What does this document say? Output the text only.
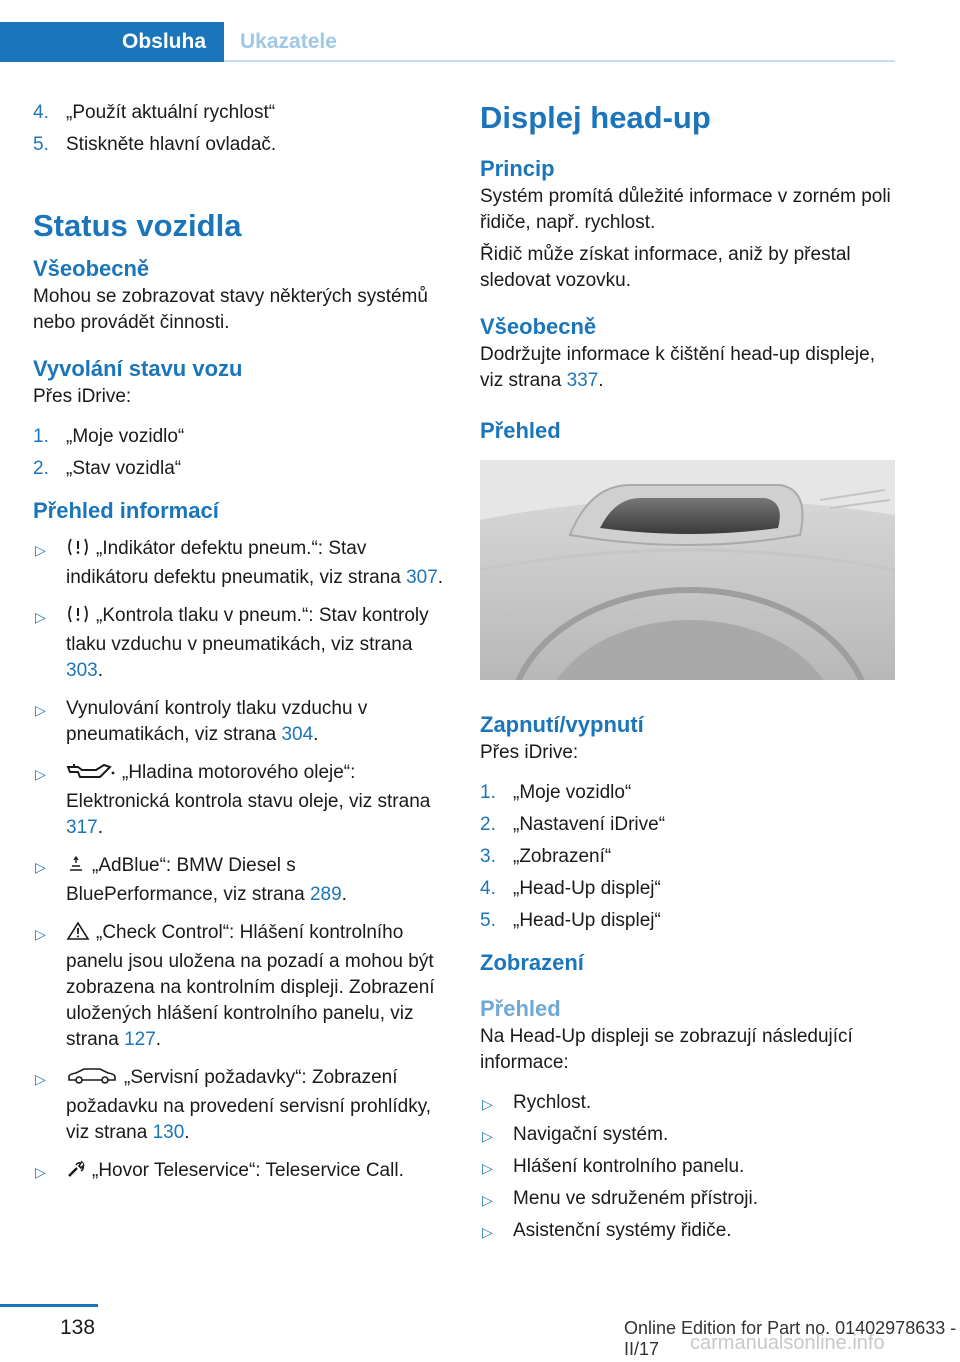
Obsluha	Ukazatele
4. „Použít aktuální rychlost“
5. Stiskněte hlavní ovladač.
Status vozidla
Všeobecně

Mohou se zobrazovat stavy některých systémů nebo provádět činnosti.

Vyvolání stavu vozu

Přes iDrive:

1. „Moje vozidlo“
2. „Stav vozidla“
Přehled informací
▷	„Indikátor defektu pneum.“: Stav indikátoru defektu pneumatik, viz strana 307.
▷	„Kontrola tlaku v pneum.“: Stav kontroly tlaku vzduchu v pneumatikách, viz strana 303.
▷ Vynulování kontroly tlaku vzduchu v pneumatikách, viz strana 304.
▷	„Hladina motorového oleje“: Elektronická kontrola stavu oleje, viz strana 317.
▷ „AdBlue“: BMW Diesel s BluePerformance, viz strana 289.
▷	„Check Control“: Hlášení kontrolního panelu jsou uložena na pozadí a mohou být zobrazena na kontrolním displeji. Zobrazení uložených hlášení kontrolního panelu, viz strana 127.
▷	„Servisní požadavky“: Zobrazení požadavku na provedení servisní prohlídky, viz strana 130.
▷ „Hovor Teleservice“: Teleservice Call.
Displej head-up
Princip

Systém promítá důležité informace v zorném poli řidiče, např. rychlost.

Řidič může získat informace, aniž by přestal sledovat vozovku.

Všeobecně

Dodržujte informace k čištění head-up displeje, viz strana 337.

Přehled
Zapnutí/vypnutí

Přes iDrive:

1. „Moje vozidlo“
2. „Nastavení iDrive“
3. „Zobrazení“
4. „Head-Up displej“
5. „Head-Up displej“
Zobrazení
Přehled

Na Head-Up displeji se zobrazují následující informace:

▷ Rychlost.
▷ Navigační systém.
▷ Hlášení kontrolního panelu.
▷ Menu ve sdruženém přístroji.
▷ Asistenční systémy řidiče.
138	Online Edition for Part no. 01402978633 - II/17	carmanualsonline.info
